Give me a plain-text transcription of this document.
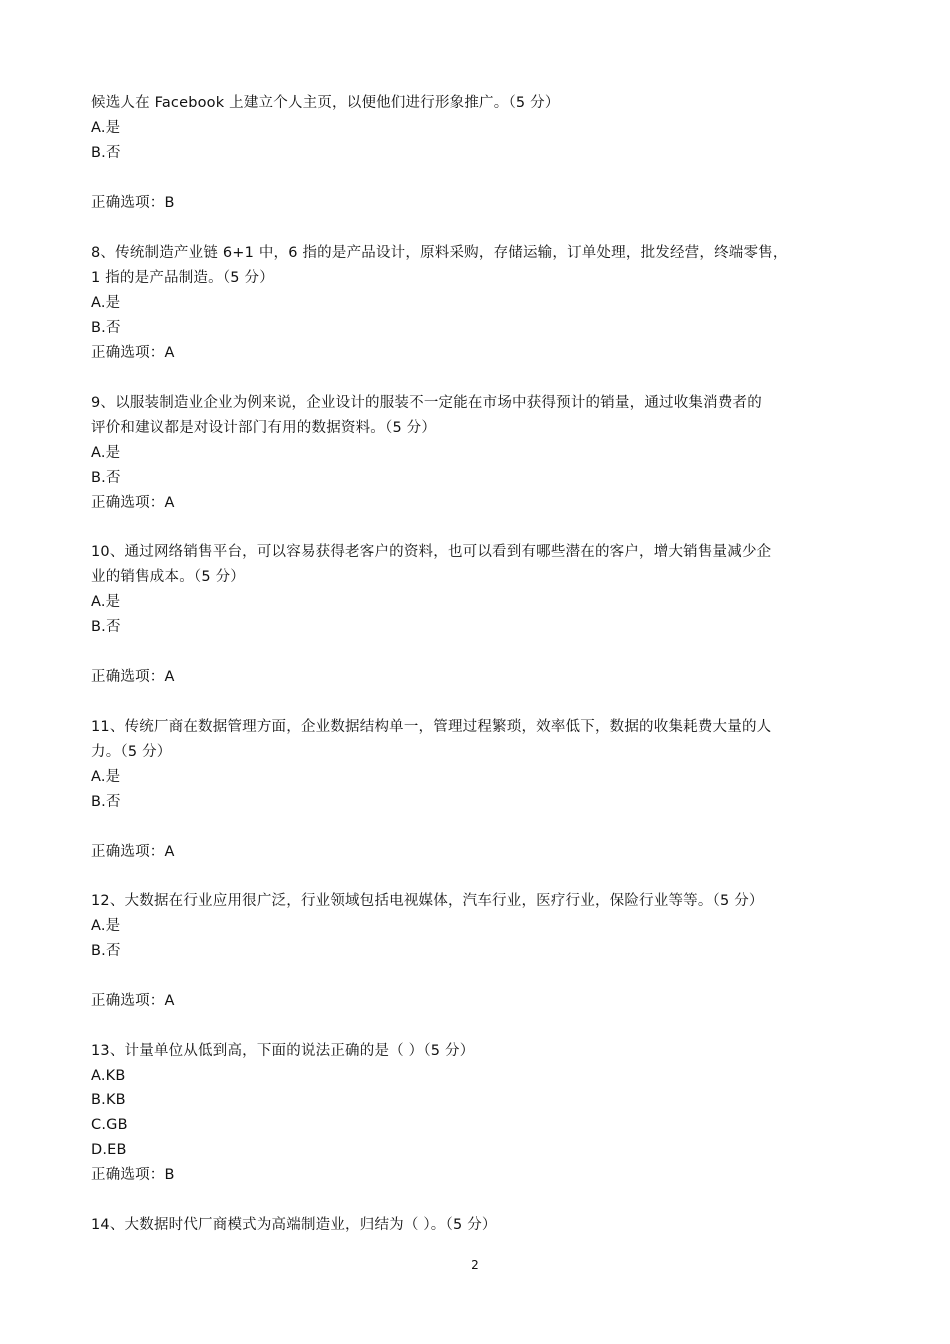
候选人在 Facebook 上建立个人主页，以便他们进行形象推广。（5 分）
A.是
B.否
正确选项：B
8、传统制造产业链 6+1 中，6 指的是产品设计，原料采购，存储运输，订单处理，批发经营，终端零售，
1 指的是产品制造。（5 分）
A.是
B.否
正确选项：A
9、以服装制造业企业为例来说，企业设计的服装不一定能在市场中获得预计的销量，通过收集消费者的
评价和建议都是对设计部门有用的数据资料。（5 分）
A.是
B.否
正确选项：A
10、通过网络销售平台，可以容易获得老客户的资料，也可以看到有哪些潜在的客户，增大销售量减少企
业的销售成本。（5 分）
A.是
B.否
正确选项：A
11、传统厂商在数据管理方面，企业数据结构单一，管理过程繁琐，效率低下，数据的收集耗费大量的人
力。（5 分）
A.是
B.否
正确选项：A
12、大数据在行业应用很广泛，行业领域包括电视媒体，汽车行业，医疗行业，保险行业等等。（5 分）
A.是
B.否
正确选项：A
13、计量单位从低到高，下面的说法正确的是（ ）（5 分）
A.KB
B.KB
C.GB
D.EB
正确选项：B
14、大数据时代厂商模式为高端制造业，归结为（ ）。（5 分）
2
